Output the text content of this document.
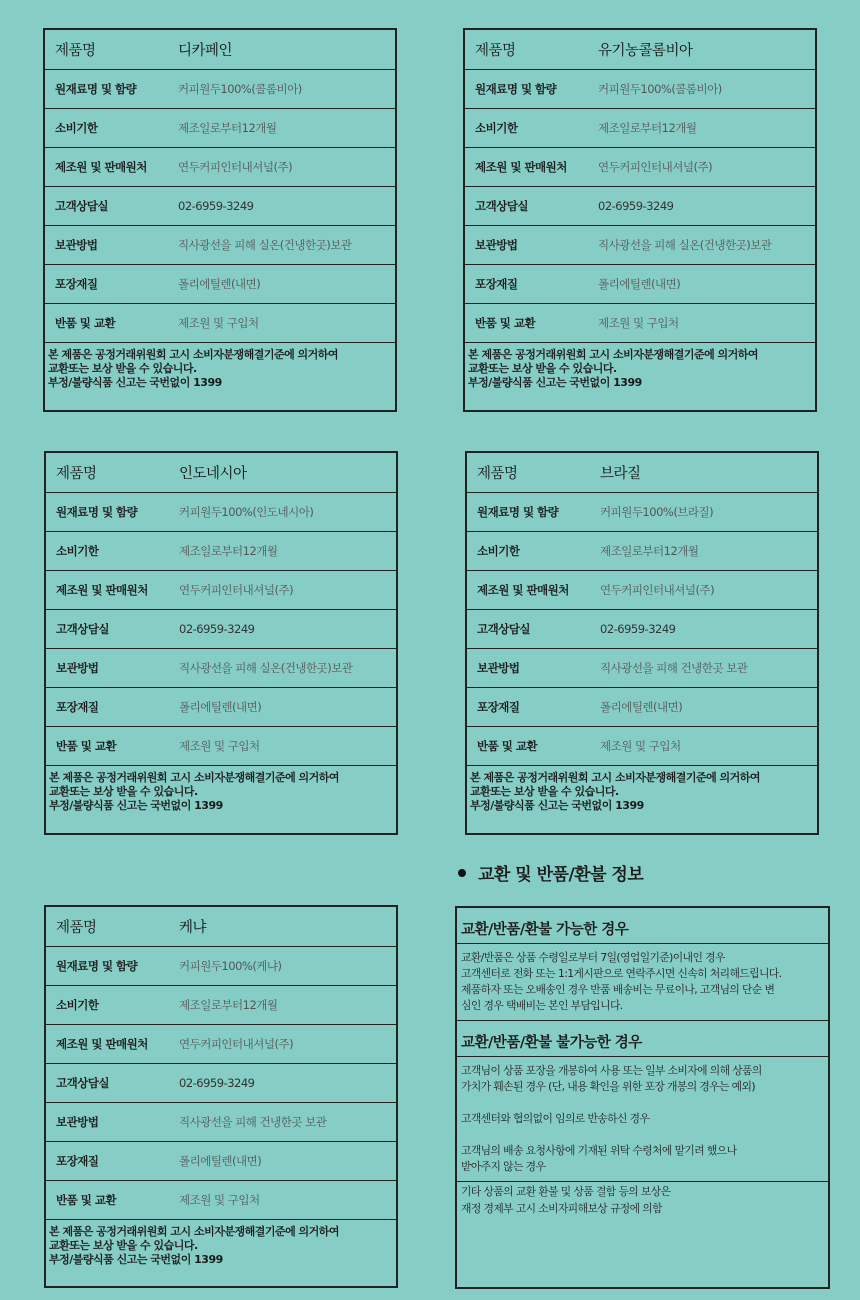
제품명	디카페인
원재료명 및 함량	커피원두100%(콜롬비아)
소비기한	제조일로부터12개월
제조원 및 판매원처	연두커피인터내셔널(주)
고객상담실	02-6959-3249
보관방법	직사광선을 피해 실온(건냉한곳)보관
포장재질	폴리에틸렌(내면)
반품 및 교환	제조원 및 구입처
본 제품은 공정거래위원회 고시 소비자분쟁해결기준에 의거하여
교환또는 보상 받을 수 있습니다.
부정/불량식품 신고는 국번없이 1399
제품명	유기농콜롬비아
원재료명 및 함량	커피원두100%(콜롬비아)
소비기한	제조일로부터12개월
제조원 및 판매원처	연두커피인터내셔널(주)
고객상담실	02-6959-3249
보관방법	직사광선을 피해 실온(건냉한곳)보관
포장재질	폴리에틸렌(내면)
반품 및 교환	제조원 및 구입처
본 제품은 공정거래위원회 고시 소비자분쟁해결기준에 의거하여
교환또는 보상 받을 수 있습니다.
부정/불량식품 신고는 국번없이 1399
제품명	인도네시아
원재료명 및 함량	커피원두100%(인도네시아)
소비기한	제조일로부터12개월
제조원 및 판매원처	연두커피인터내셔널(주)
고객상담실	02-6959-3249
보관방법	직사광선을 피해 실온(건냉한곳)보관
포장재질	폴리에틸렌(내면)
반품 및 교환	제조원 및 구입처
본 제품은 공정거래위원회 고시 소비자분쟁해결기준에 의거하여
교환또는 보상 받을 수 있습니다.
부정/불량식품 신고는 국번없이 1399
제품명	브라질
원재료명 및 함량	커피원두100%(브라질)
소비기한	제조일로부터12개월
제조원 및 판매원처	연두커피인터내셔널(주)
고객상담실	02-6959-3249
보관방법	직사광선을 피해 건냉한곳 보관
포장재질	폴리에틸렌(내면)
반품 및 교환	제조원 및 구입처
본 제품은 공정거래위원회 고시 소비자분쟁해결기준에 의거하여
교환또는 보상 받을 수 있습니다.
부정/불량식품 신고는 국번없이 1399
제품명	케냐
원재료명 및 함량	커피원두100%(케냐)
소비기한	제조일로부터12개월
제조원 및 판매원처	연두커피인터내셔널(주)
고객상담실	02-6959-3249
보관방법	직사광선을 피해 건냉한곳 보관
포장재질	폴리에틸렌(내면)
반품 및 교환	제조원 및 구입처
본 제품은 공정거래위원회 고시 소비자분쟁해결기준에 의거하여
교환또는 보상 받을 수 있습니다.
부정/불량식품 신고는 국번없이 1399
교환 및 반품/환불 정보
교환/반품/환불 가능한 경우
교환/반품은 상품 수령일로부터 7일(영업일기준)이내인 경우
고객센터로 전화 또는 1:1게시판으로 연락주시면 신속히 처리해드립니다.
제품하자 또는 오배송인 경우 반품 배송비는 무료이나, 고객님의 단순 변
심인 경우 택배비는 본인 부담입니다.
교환/반품/환불 불가능한 경우
고객님이 상품 포장을 개봉하여 사용 또는 일부 소비자에 의해 상품의
가치가 훼손된 경우 (단, 내용 확인을 위한 포장 개봉의 경우는 예외)
고객센터와 협의없이 임의로 반송하신 경우
고객님의 배송 요청사항에 기재된 위탁 수령처에 맡기려 했으나
받아주지 않는 경우
기타 상품의 교환 환불 및 상품 결함 등의 보상은
재정 경제부 고시 소비자피해보상 규정에 의함
